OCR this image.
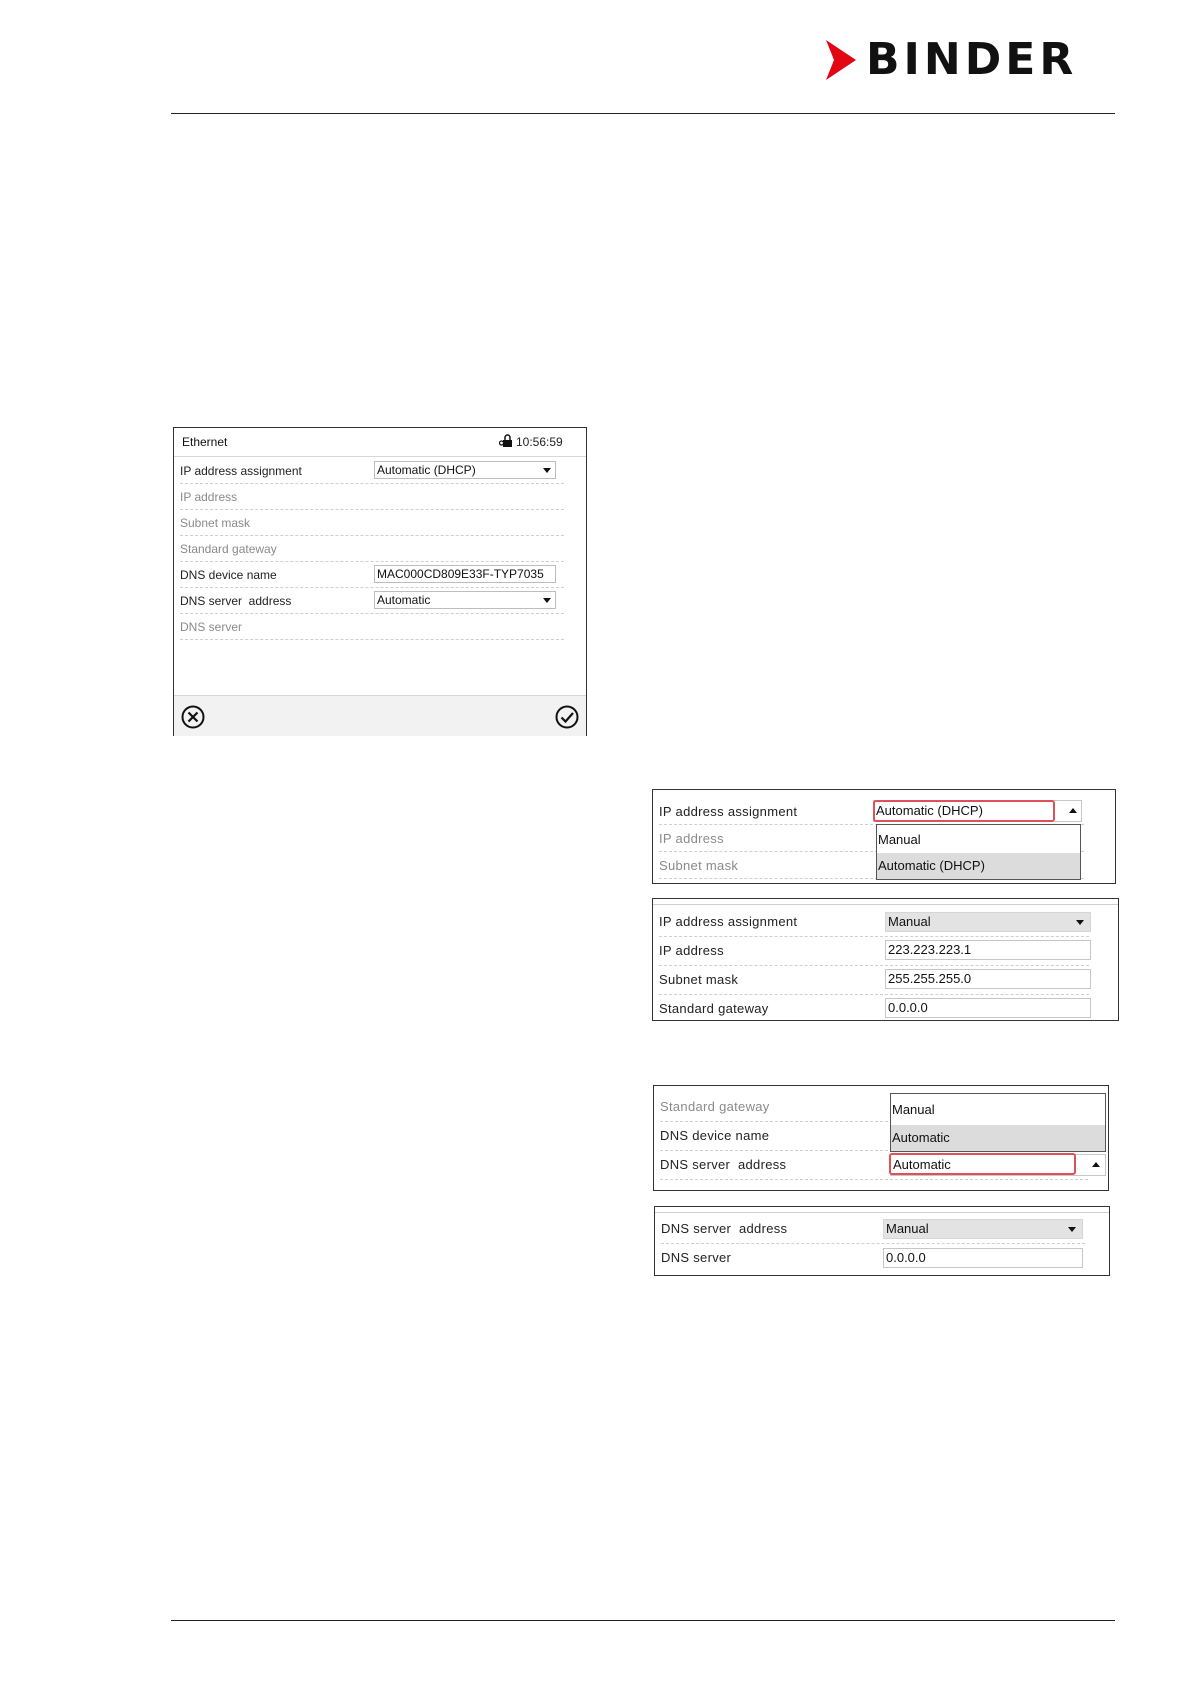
BINDER
Ethernet	10:56:59
IP address assignment	Automatic (DHCP)
IP address
Subnet mask
Standard gateway
DNS device name	MAC000CD809E33F-TYP7035
DNS server  address	Automatic
DNS server
IP address assignment
IP address
Subnet mask
Automatic (DHCP)
Manual
Automatic (DHCP)
IP address assignment	Manual
IP address	223.223.223.1
Subnet mask	255.255.255.0
Standard gateway	0.0.0.0
Standard gateway
DNS device name
DNS server  address
Manual
Automatic
Automatic
DNS server  address	Manual
DNS server	0.0.0.0
